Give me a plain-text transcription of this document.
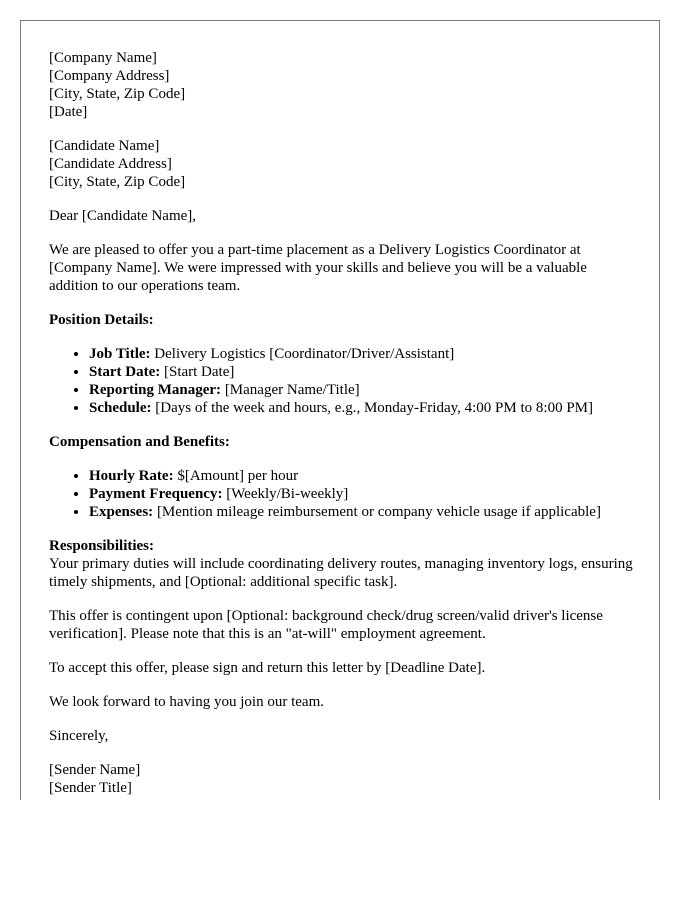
[Company Name]
[Company Address]
[City, State, Zip Code]
[Date]
[Candidate Name]
[Candidate Address]
[City, State, Zip Code]

Dear [Candidate Name],

We are pleased to offer you a part-time placement as a Delivery Logistics Coordinator at [Company Name]. We were impressed with your skills and believe you will be a valuable addition to our operations team.

Position Details:
• Job Title: Delivery Logistics [Coordinator/Driver/Assistant]
• Start Date: [Start Date]
• Reporting Manager: [Manager Name/Title]
• Schedule: [Days of the week and hours, e.g., Monday-Friday, 4:00 PM to 8:00 PM]
Compensation and Benefits:
• Hourly Rate: $[Amount] per hour
• Payment Frequency: [Weekly/Bi-weekly]
• Expenses: [Mention mileage reimbursement or company vehicle usage if applicable]

Responsibilities:
Your primary duties will include coordinating delivery routes, managing inventory logs, ensuring timely shipments, and [Optional: additional specific task].

This offer is contingent upon [Optional: background check/drug screen/valid driver's license verification]. Please note that this is an "at-will" employment agreement.

To accept this offer, please sign and return this letter by [Deadline Date].

We look forward to having you join our team.

Sincerely,

[Sender Name]
[Sender Title]
